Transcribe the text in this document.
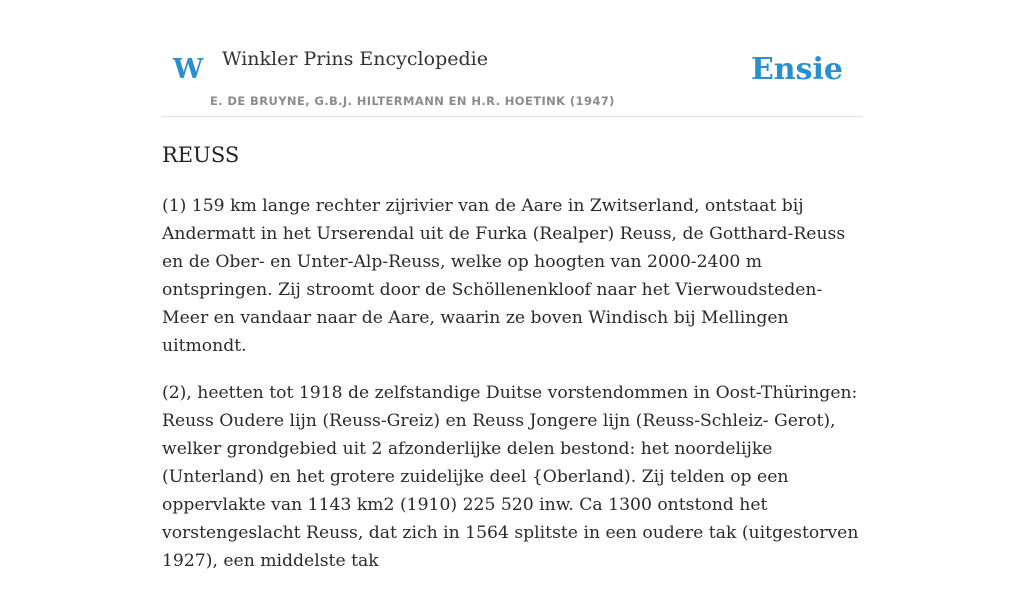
W Winkler Prins Encyclopedie
E. DE BRUYNE, G.B.J. HILTERMANN EN H.R. HOETINK (1947)
Ensie
REUSS

(1) 159 km lange rechter zijrivier van de Aare in Zwitserland, ontstaat bij Andermatt in het Urserendal uit de Furka (Realper) Reuss, de Gotthard-Reuss en de Ober- en Unter-Alp-Reuss, welke op hoogten van 2000-2400 m ontspringen. Zij stroomt door de Schöllenenkloof naar het Vierwoudsteden-Meer en vandaar naar de Aare, waarin ze boven Windisch bij Mellingen uitmondt.

(2), heetten tot 1918 de zelfstandige Duitse vorstendommen in Oost-Thüringen: Reuss Oudere lijn (Reuss-Greiz) en Reuss Jongere lijn (Reuss-Schleiz- Gerot), welker grondgebied uit 2 afzonderlijke delen bestond: het noordelijke (Unterland) en het grotere zuidelijke deel {Oberland). Zij telden op een oppervlakte van 1143 km2 (1910) 225 520 inw. Ca 1300 ontstond het vorstengeslacht Reuss, dat zich in 1564 splitste in een oudere tak (uitgestorven 1927), een middelste tak
